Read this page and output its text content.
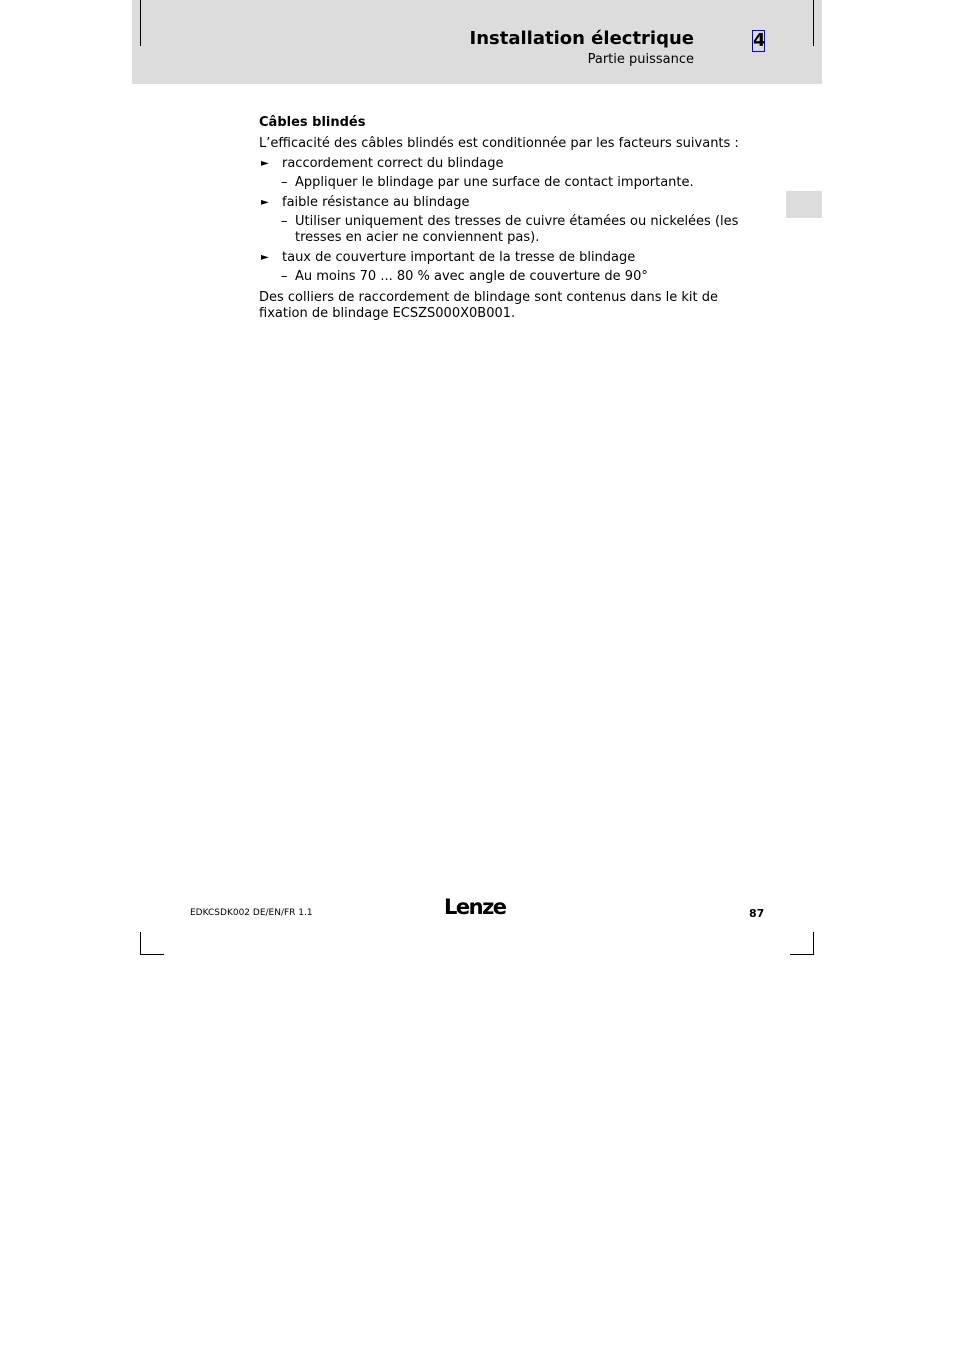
Installation électrique
Partie puissance
4
Câbles blindés
L’efficacité des câbles blindés est conditionnée par les facteurs suivants :
► raccordement correct du blindage
– Appliquer le blindage par une surface de contact importante.
► faible résistance au blindage
– Utiliser uniquement des tresses de cuivre étamées ou nickelées (les tresses en acier ne conviennent pas).
► taux de couverture important de la tresse de blindage
– Au moins 70 ... 80 % avec angle de couverture de 90°
Des colliers de raccordement de blindage sont contenus dans le kit de fixation de blindage ECSZS000X0B001.
EDKCSDK002 DE/EN/FR 1.1	Lenze	87
